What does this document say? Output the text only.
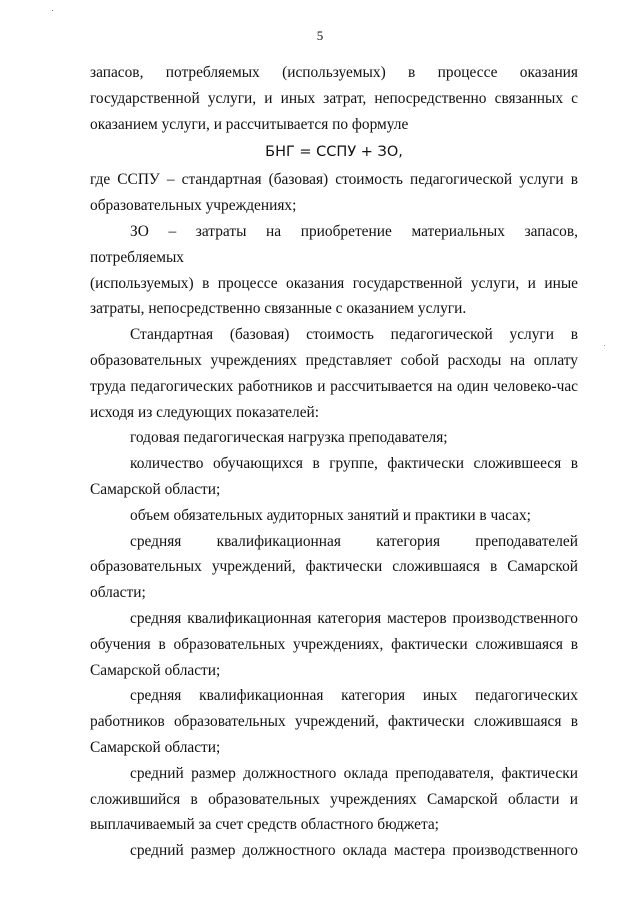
5
запасов, потребляемых (используемых) в процессе оказания
государственной услуги, и иных затрат, непосредственно связанных с
оказанием услуги, и рассчитывается по формуле
БНГ = ССПУ + ЗО,
где ССПУ – стандартная (базовая) стоимость педагогической услуги в
образовательных учреждениях;
ЗО – затраты на приобретение материальных запасов, потребляемых
(используемых) в процессе оказания государственной услуги, и иные
затраты, непосредственно связанные с оказанием услуги.
Стандартная (базовая) стоимость педагогической услуги в
образовательных учреждениях представляет собой расходы на оплату
труда педагогических работников и рассчитывается на один человеко-час
исходя из следующих показателей:
годовая педагогическая нагрузка преподавателя;
количество обучающихся в группе, фактически сложившееся в
Самарской области;
объем обязательных аудиторных занятий и практики в часах;
средняя квалификационная категория преподавателей
образовательных учреждений, фактически сложившаяся в Самарской
области;
средняя квалификационная категория мастеров производственного
обучения в образовательных учреждениях, фактически сложившаяся в
Самарской области;
средняя квалификационная категория иных педагогических
работников образовательных учреждений, фактически сложившаяся в
Самарской области;
средний размер должностного оклада преподавателя, фактически
сложившийся в образовательных учреждениях Самарской области и
выплачиваемый за счет средств областного бюджета;
средний размер должностного оклада мастера производственного
